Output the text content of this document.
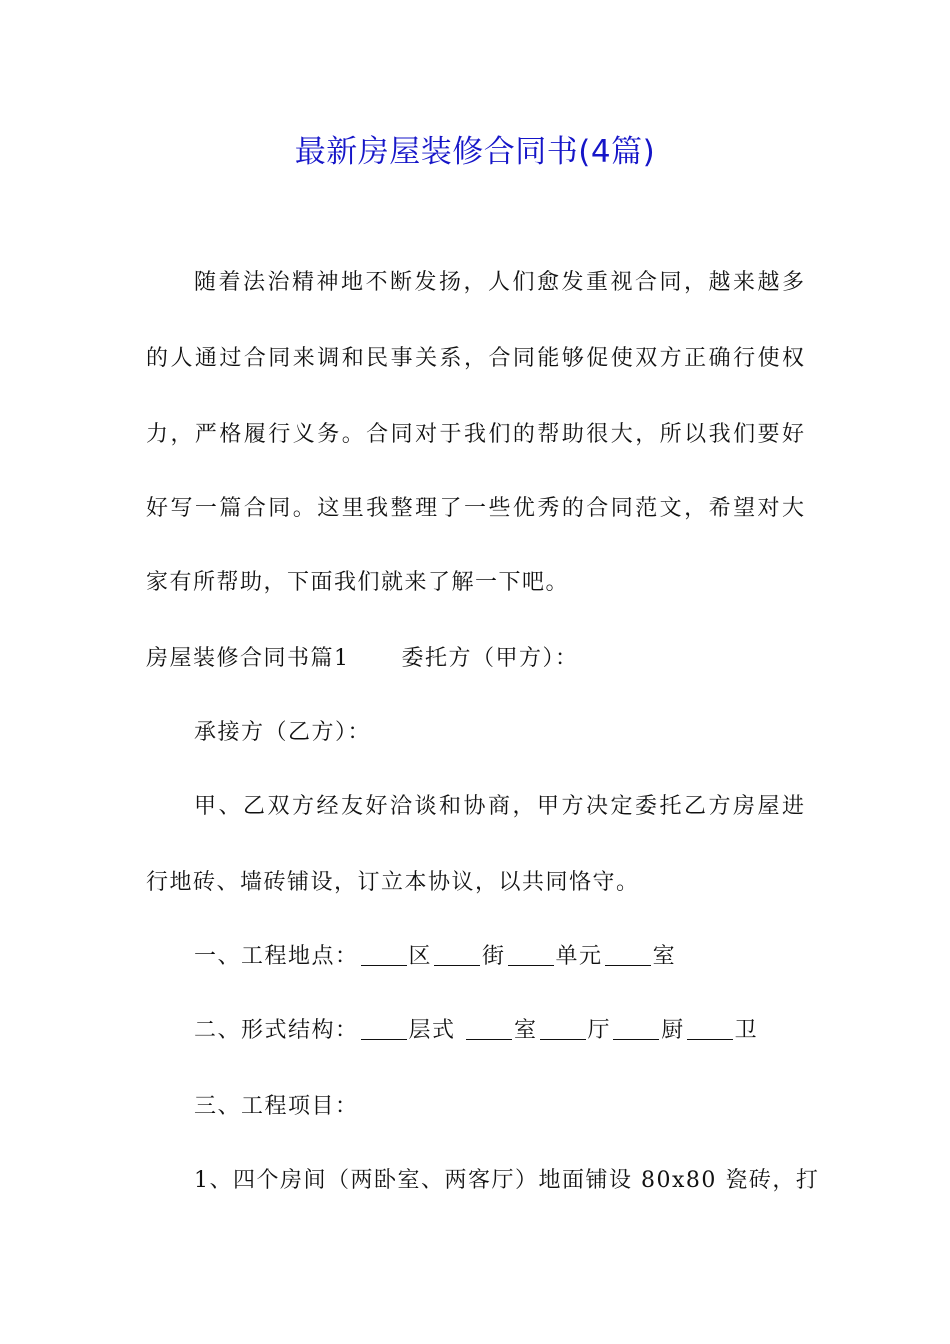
最新房屋装修合同书(4篇)
随着法治精神地不断发扬，人们愈发重视合同，越来越多
的人通过合同来调和民事关系，合同能够促使双方正确行使权
力，严格履行义务。合同对于我们的帮助很大，所以我们要好
好写一篇合同。这里我整理了一些优秀的合同范文，希望对大
家有所帮助，下面我们就来了解一下吧。
房屋装修合同书篇1 委托方（甲方）：
承接方（乙方）：
甲、乙双方经友好洽谈和协商，甲方决定委托乙方房屋进
行地砖、墙砖铺设，订立本协议，以共同恪守。
一、工程地点： 区 街 单元 室
二、形式结构： 层式	室 厅 厨 卫
三、工程项目：
1、四个房间（两卧室、两客厅）地面铺设 80x80 瓷砖，打
